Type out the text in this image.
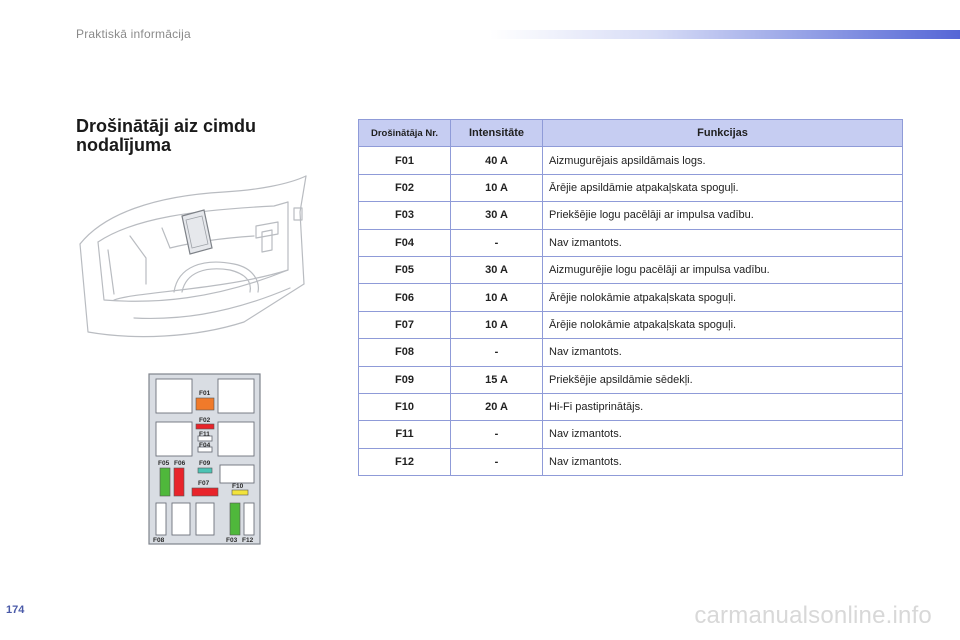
Praktiskā informācija
Drošinātāji aiz cimdu nodalījuma
F01
F02
F11
F04
F05 F06 F09
F07	F10
F08	F03 F12
Drošinātāja Nr.	Intensitāte	Funkcijas
F01	40 A	Aizmugurējais apsildāmais logs.
F02	10 A	Ārējie apsildāmie atpakaļskata spoguļi.
F03	30 A	Priekšējie logu pacēlāji ar impulsa vadību.
F04	-	Nav izmantots.
F05	30 A	Aizmugurējie logu pacēlāji ar impulsa vadību.
F06	10 A	Ārējie nolokāmie atpakaļskata spoguļi.
F07	10 A	Ārējie nolokāmie atpakaļskata spoguļi.
F08	-	Nav izmantots.
F09	15 A	Priekšējie apsildāmie sēdekļi.
F10	20 A	Hi-Fi pastiprinātājs.
F11	-	Nav izmantots.
F12	-	Nav izmantots.
174	carmanualsonline.info
